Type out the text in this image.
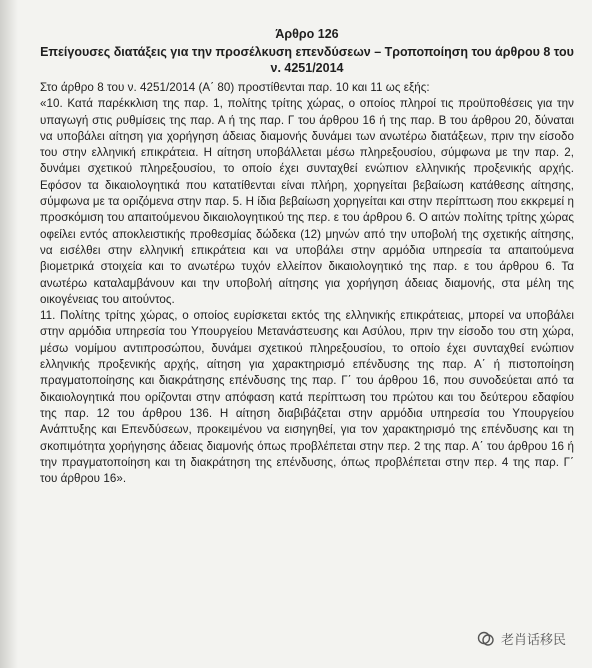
Άρθρο 126
Επείγουσες διατάξεις για την προσέλκυση επενδύσεων – Τροποποίηση του άρθρου 8 του
ν. 4251/2014

Στο άρθρο 8 του ν. 4251/2014 (Α΄ 80) προστίθενται παρ. 10 και 11 ως εξής:

«10. Κατά παρέκκλιση της παρ. 1, πολίτης τρίτης χώρας, ο οποίος πληροί τις προϋποθέσεις για την υπαγωγή στις ρυθμίσεις της παρ. Α ή της παρ. Γ του άρθρου 16 ή της παρ. Β του άρθρου 20, δύναται να υποβάλει αίτηση για χορήγηση άδειας διαμονής δυνάμει των ανωτέρω διατάξεων, πριν την είσοδο του στην ελληνική επικράτεια. Η αίτηση υποβάλλεται μέσω πληρεξουσίου, σύμφωνα με την παρ. 2, δυνάμει σχετικού πληρεξουσίου, το οποίο έχει συνταχθεί ενώπιον ελληνικής προξενικής αρχής. Εφόσον τα δικαιολογητικά που κατατίθενται είναι πλήρη, χορηγείται βεβαίωση κατάθεσης αίτησης, σύμφωνα με τα οριζόμενα στην παρ. 5. Η ίδια βεβαίωση χορηγείται και στην περίπτωση που εκκρεμεί η προσκόμιση του απαιτούμενου δικαιολογητικού της περ. ε του άρθρου 6. Ο αιτών πολίτης τρίτης χώρας οφείλει εντός αποκλειστικής προθεσμίας δώδεκα (12) μηνών από την υποβολή της σχετικής αίτησης, να εισέλθει στην ελληνική επικράτεια και να υποβάλει στην αρμόδια υπηρεσία τα απαιτούμενα βιομετρικά στοιχεία και το ανωτέρω τυχόν ελλείπον δικαιολογητικό της παρ. ε του άρθρου 6. Τα ανωτέρω καταλαμβάνουν και την υποβολή αίτησης για χορήγηση άδειας διαμονής, στα μέλη της οικογένειας του αιτούντος.

11. Πολίτης τρίτης χώρας, ο οποίος ευρίσκεται εκτός της ελληνικής επικράτειας, μπορεί να υποβάλει στην αρμόδια υπηρεσία του Υπουργείου Μετανάστευσης και Ασύλου, πριν την είσοδο του στη χώρα, μέσω νομίμου αντιπροσώπου, δυνάμει σχετικού πληρεξουσίου, το οποίο έχει συνταχθεί ενώπιον ελληνικής προξενικής αρχής, αίτηση για χαρακτηρισμό επένδυσης της παρ. Α΄ ή πιστοποίηση πραγματοποίησης και διακράτησης επένδυσης της παρ. Γ΄ του άρθρου 16, που συνοδεύεται από τα δικαιολογητικά που ορίζονται στην απόφαση κατά περίπτωση του πρώτου και του δεύτερου εδαφίου της παρ. 12 του άρθρου 136. Η αίτηση διαβιβάζεται στην αρμόδια υπηρεσία του Υπουργείου Ανάπτυξης και Επενδύσεων, προκειμένου να εισηγηθεί, για τον χαρακτηρισμό της επένδυσης και τη σκοπιμότητα χορήγησης άδειας διαμονής όπως προβλέπεται στην περ. 2 της παρ. Α΄ του άρθρου 16 ή την πραγματοποίηση και τη διακράτηση της επένδυσης, όπως προβλέπεται στην περ. 4 της παρ. Γ΄ του άρθρου 16».

老肖话移民
